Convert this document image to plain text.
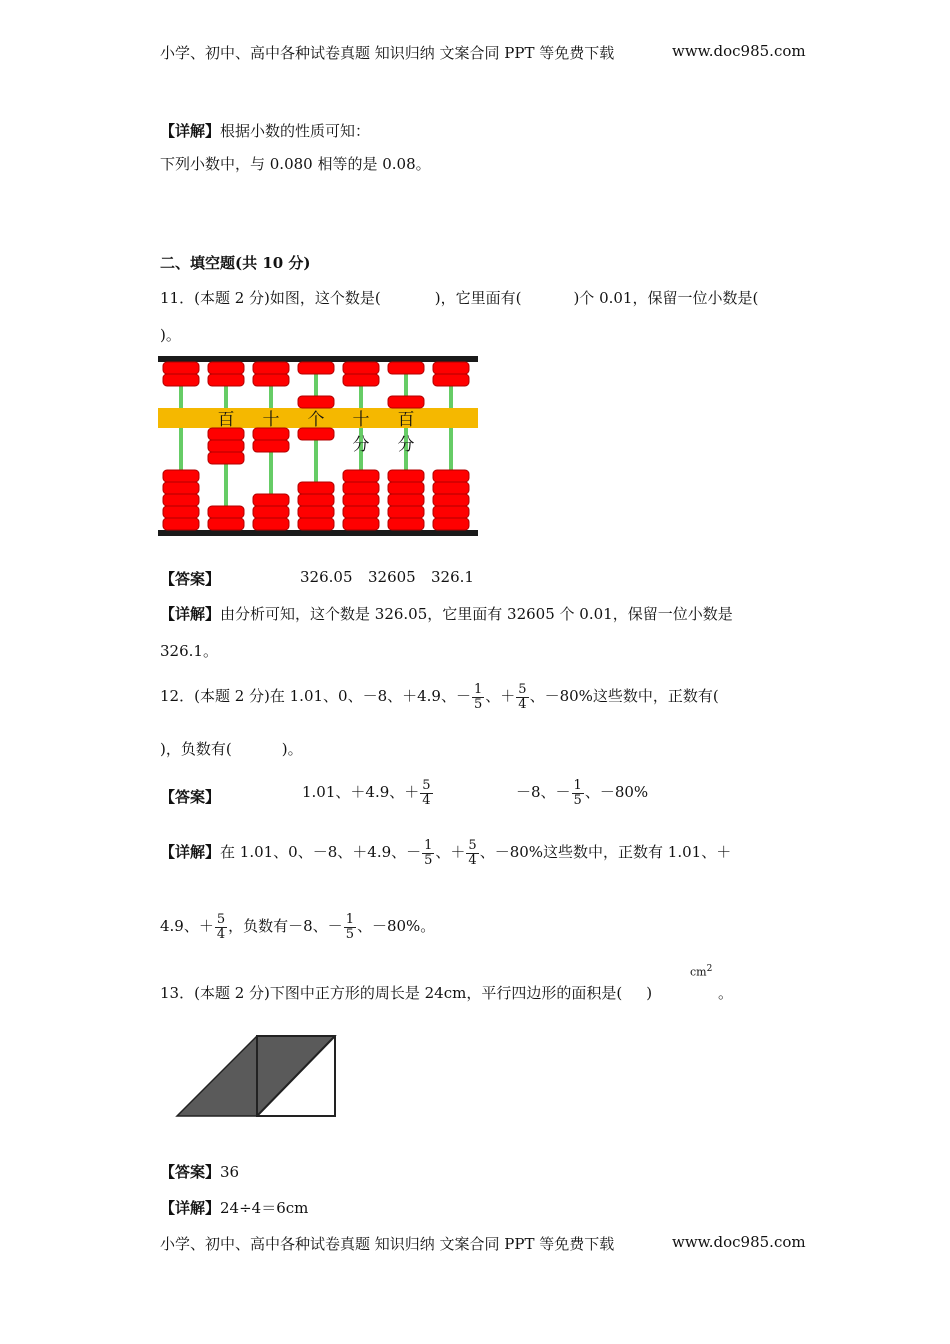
小学、初中、高中各种试卷真题 知识归纳 文案合同 PPT 等免费下载	www.doc985.com
【详解】根据小数的性质可知：
下列小数中，与 0.080 相等的是 0.08。
二、填空题(共 10 分)
11．(本题 2 分)如图，这个数是(	)，它里面有(	)个 0.01，保留一位小数是(
)。
百 十 个 十 百
分 分
【答案】	326.05 32605 326.1
【详解】由分析可知，这个数是 326.05，它里面有 32605 个 0.01，保留一位小数是
326.1。
12．(本题 2 分)在 1.01、0、－8、＋4.9、－ $\frac{1}{5}$ 、＋ $\frac{5}{4}$ 、－80%这些数中，正数有(
)，负数有(	)。
【答案】	1.01、＋4.9、＋ $\frac{5}{4}$	－8、－ $\frac{1}{5}$ 、－80%
【详解】在 1.01、0、－8、＋4.9、－ $\frac{1}{5}$ 、＋ $\frac{5}{4}$ 、－80%这些数中，正数有 1.01、＋
4.9、＋ $\frac{5}{4}$ ，负数有－8、－ $\frac{1}{5}$ 、－80%。
13．(本题 2 分)下图中正方形的周长是 24cm，平行四边形的面积是( )
$cm^2$
。
【答案】36
【详解】24÷4＝6cm
小学、初中、高中各种试卷真题 知识归纳 文案合同 PPT 等免费下载	www.doc985.com
